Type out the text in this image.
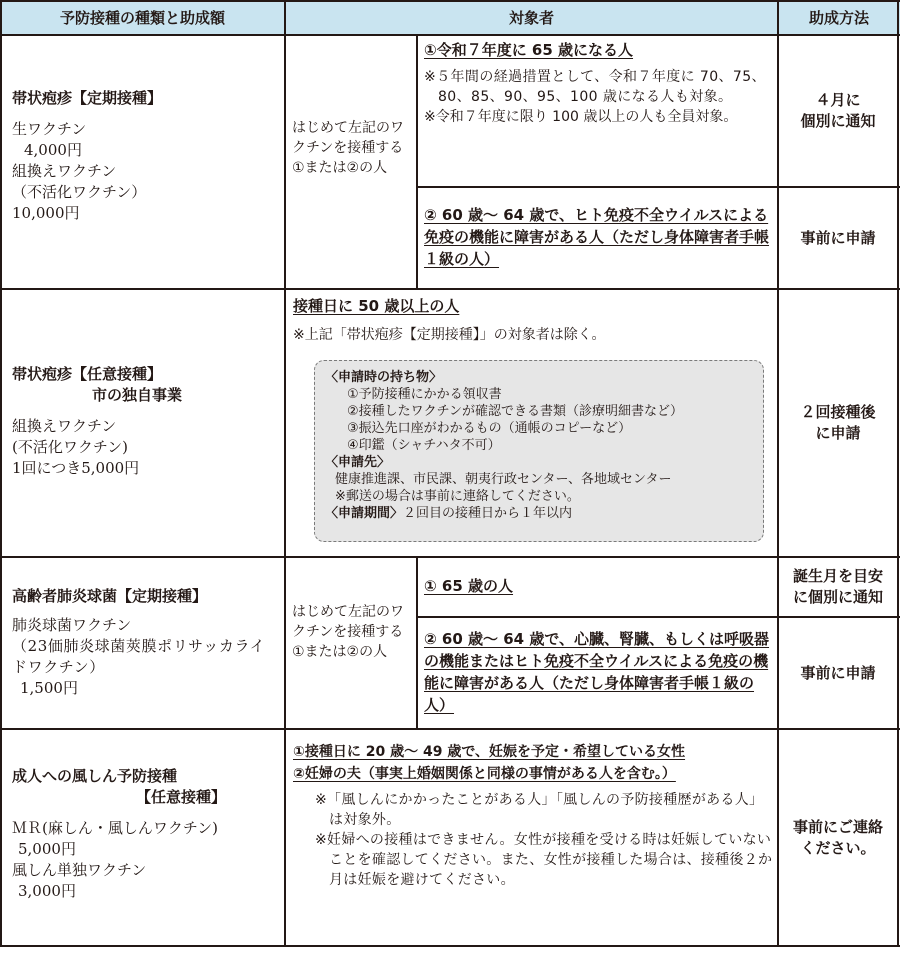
予防接種の種類と助成額	対象者	助成方法
帯状疱疹【定期接種】
生ワクチン
4,000円
組換えワクチン
（不活化ワクチン）
10,000円
はじめて左記のワクチンを接種する①または②の人
①令和７年度に 65 歳になる人
※５年間の経過措置として、令和７年度に 70、75、80、85、90、95、100 歳になる人も対象。
※令和７年度に限り 100 歳以上の人も全員対象。
４月に
個別に通知
② 60 歳～ 64 歳で、ヒト免疫不全ウイルスによる免疫の機能に障害がある人（ただし身体障害者手帳１級の人）
事前に申請
帯状疱疹【任意接種】
市の独自事業
組換えワクチン
(不活化ワクチン)
1回につき5,000円
接種日に 50 歳以上の人
※上記「帯状疱疹【定期接種】」の対象者は除く。
〈申請時の持ち物〉
①予防接種にかかる領収書
②接種したワクチンが確認できる書類（診療明細書など）
③振込先口座がわかるもの（通帳のコピーなど）
④印鑑（シャチハタ不可）
〈申請先〉
健康推進課、市民課、朝夷行政センター、各地域センター
※郵送の場合は事前に連絡してください。
〈申請期間〉２回目の接種日から１年以内
２回接種後
に申請
高齢者肺炎球菌【定期接種】
肺炎球菌ワクチン
（23価肺炎球菌莢膜ポリサッカライドワクチン）
1,500円
はじめて左記のワクチンを接種する①または②の人
① 65 歳の人
誕生月を目安
に個別に通知
② 60 歳～ 64 歳で、心臓、腎臓、もしくは呼吸器の機能またはヒト免疫不全ウイルスによる免疫の機能に障害がある人（ただし身体障害者手帳１級の人）
事前に申請
成人への風しん予防接種
【任意接種】
ＭＲ(麻しん・風しんワクチン)
5,000円
風しん単独ワクチン
3,000円
①接種日に 20 歳～ 49 歳で、妊娠を予定・希望している女性
②妊婦の夫（事実上婚姻関係と同様の事情がある人を含む。）
※「風しんにかかったことがある人」「風しんの予防接種歴がある人」は対象外。
※妊婦への接種はできません。女性が接種を受ける時は妊娠していないことを確認してください。また、女性が接種した場合は、接種後２か月は妊娠を避けてください。
事前にご連絡
ください。
